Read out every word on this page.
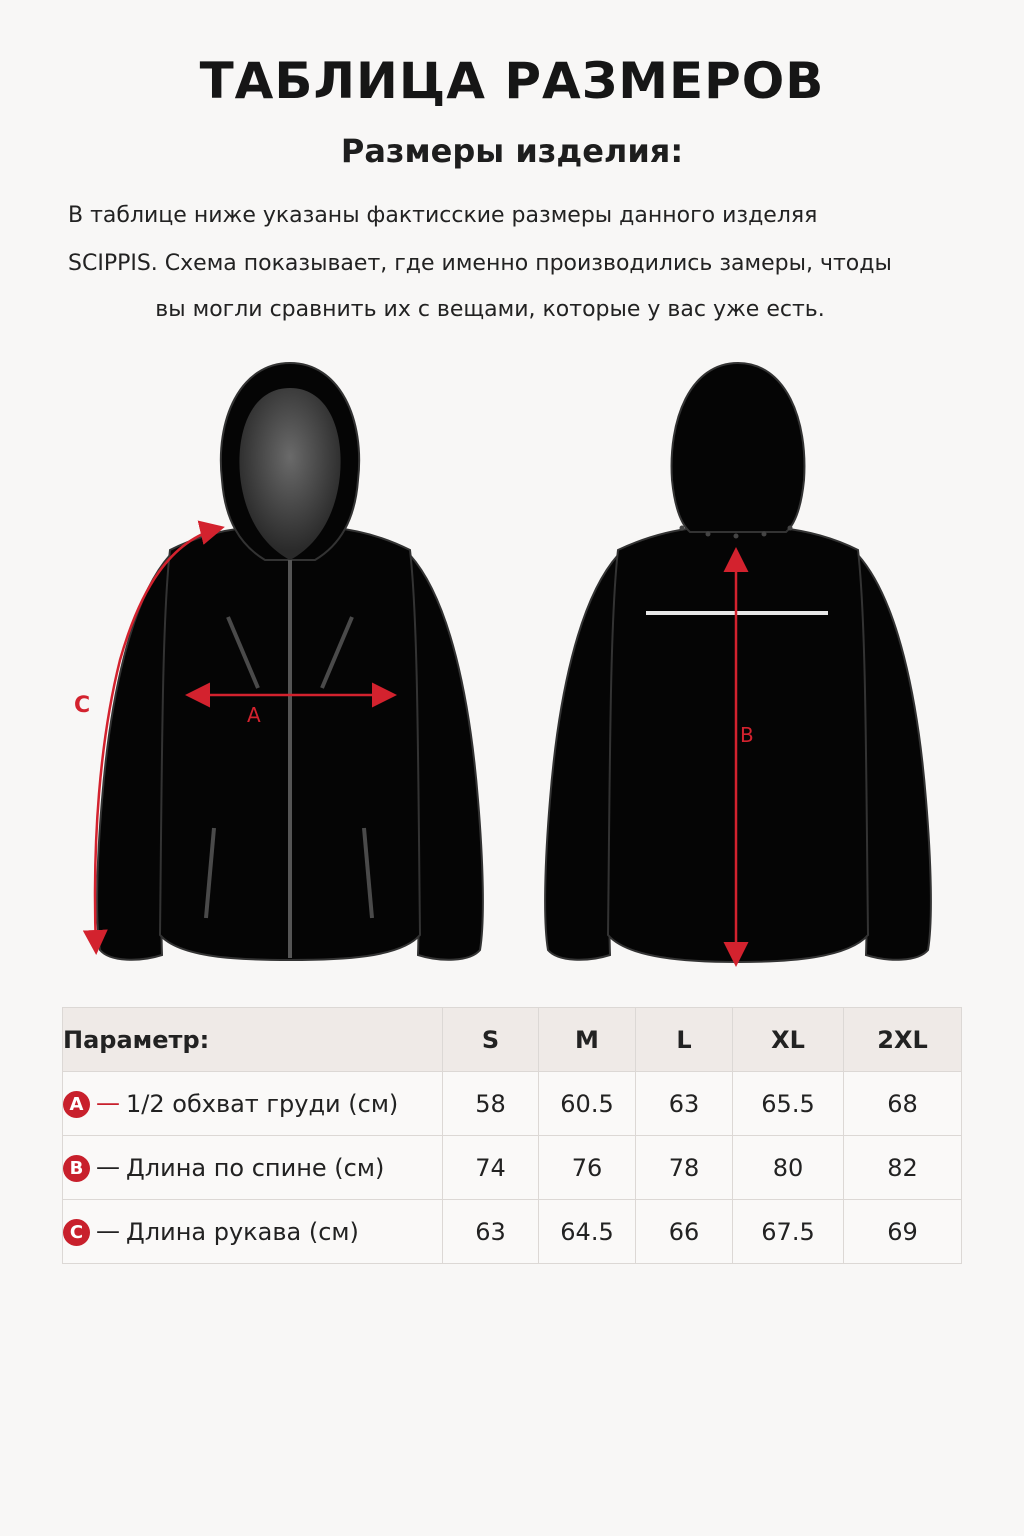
ТАБЛИЦА РАЗМЕРОВ
Размеры изделия:
В таблице ниже указаны фактисские размеры данного изделяя
SCIPPIS. Схема показывает, где именно производились замеры, чтоды
вы могли сравнить их с вещами, которые у вас уже есть.
A
B
C
Параметр:	S	M	L	XL	2XL
A — 1/2 обхват груди (см)	58	60.5	63	65.5	68
B — Длина по спине (см)	74	76	78	80	82
C — Длина рукава (см)	63	64.5	66	67.5	69
